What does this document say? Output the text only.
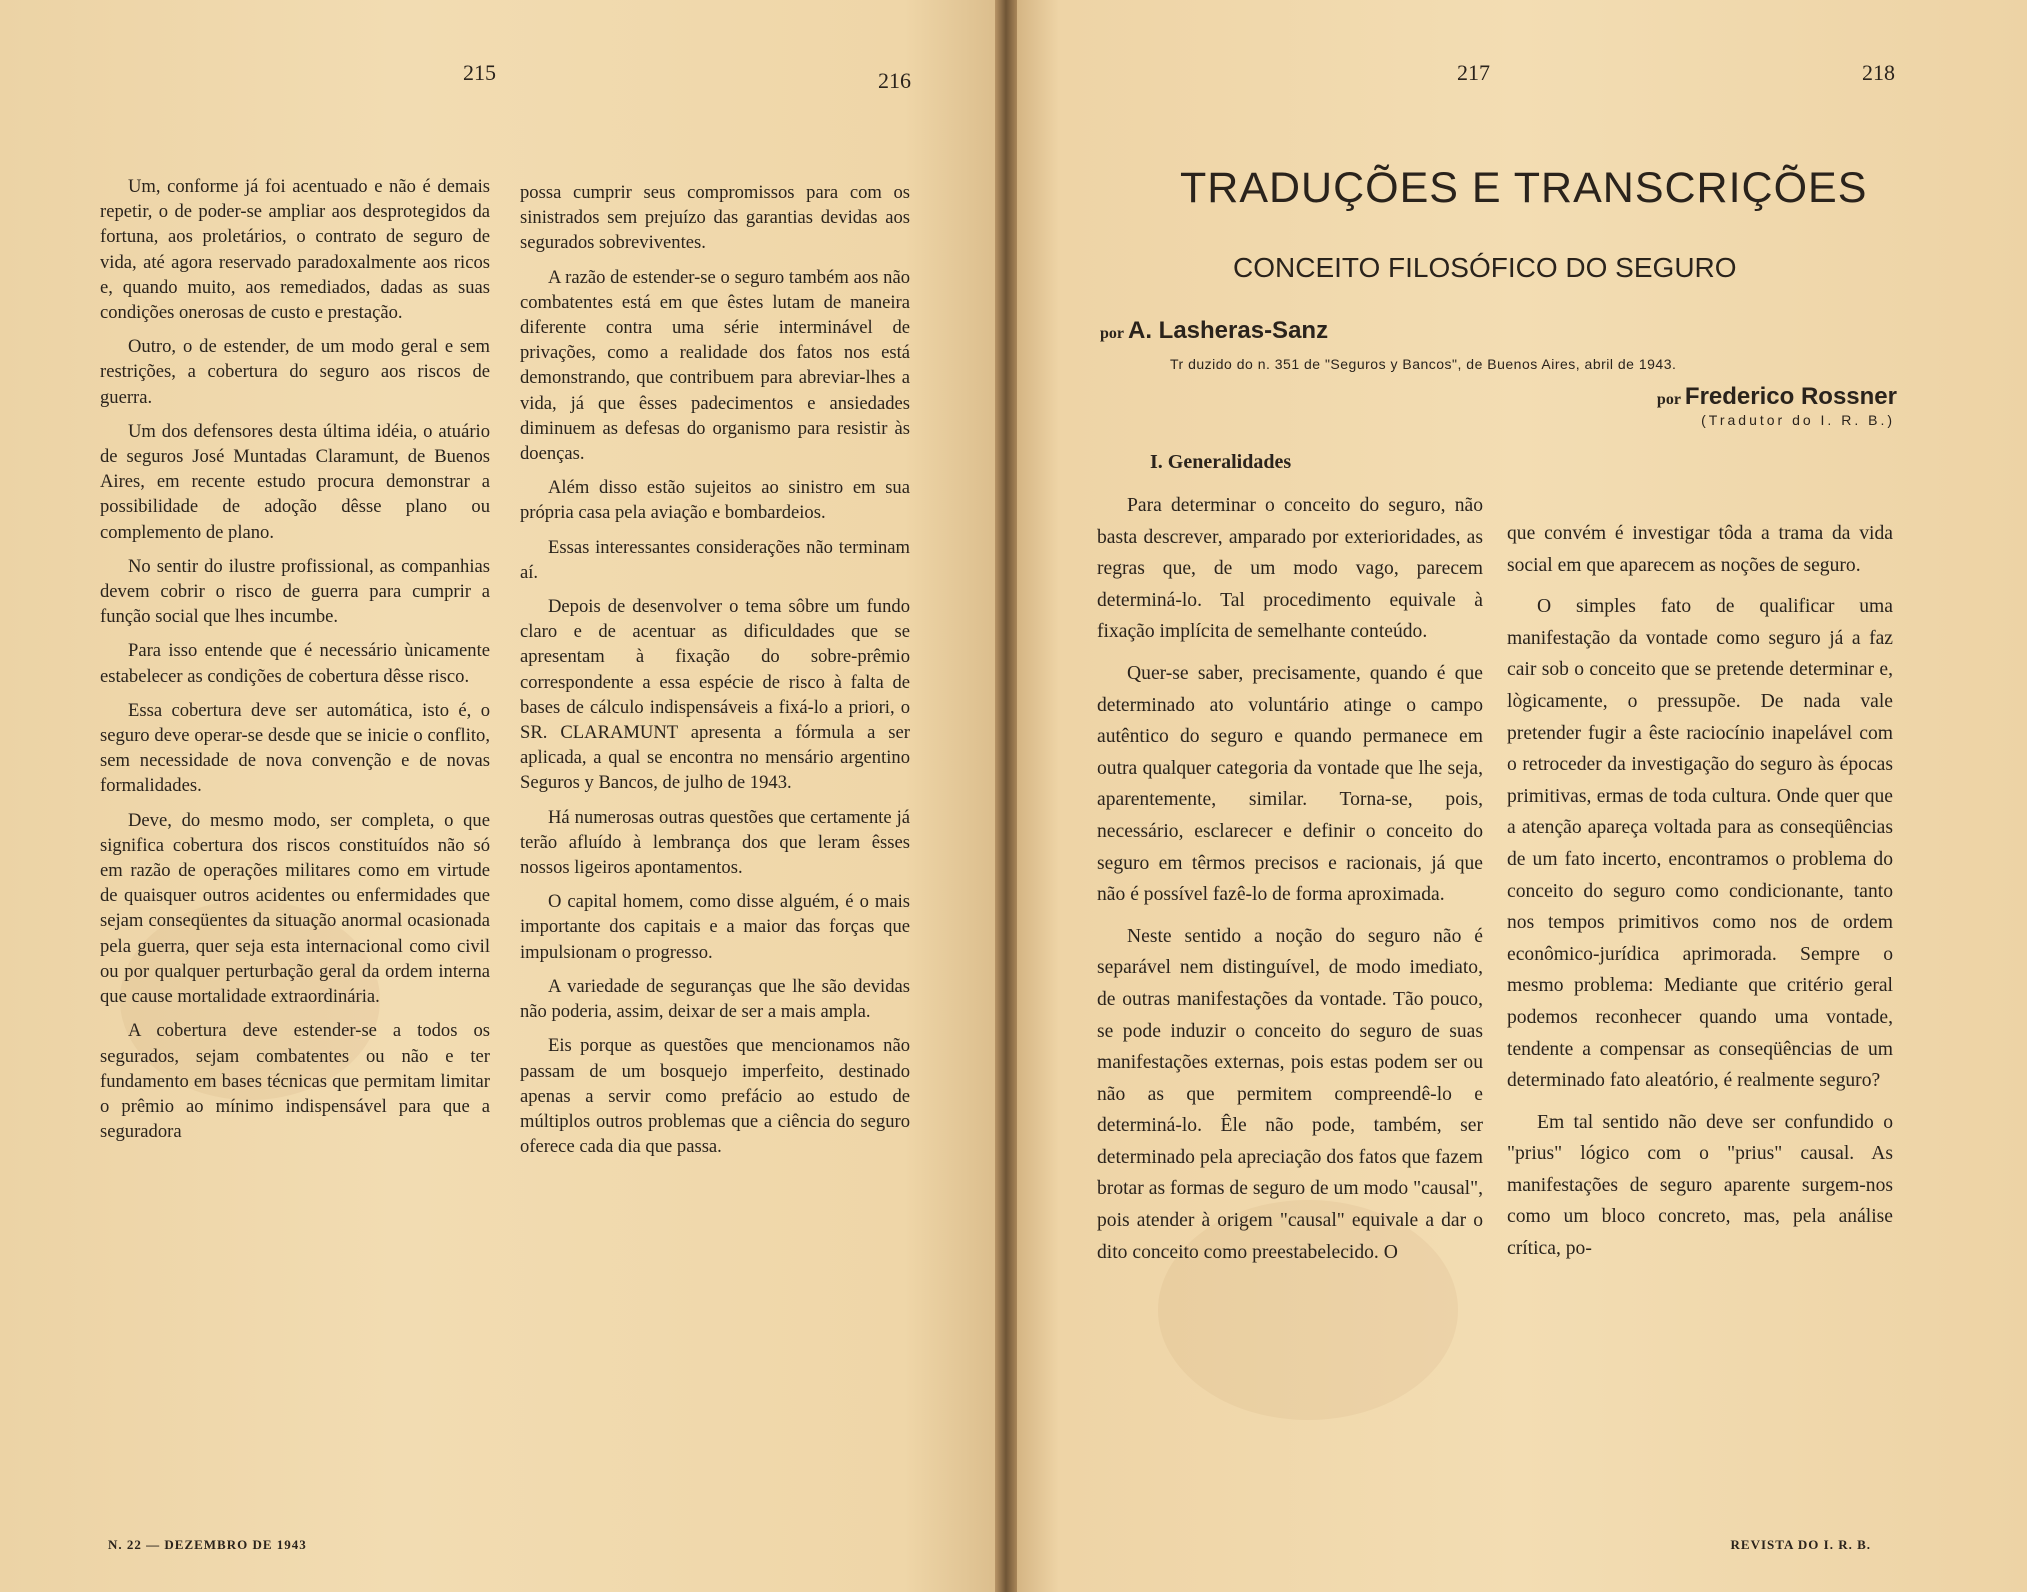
215	216

Um, conforme já foi acentuado e não é demais repetir, o de poder-se ampliar aos desprotegidos da fortuna, aos proletários, o contrato de seguro de vida, até agora reservado paradoxalmente aos ricos e, quando muito, aos remediados, dadas as suas condições onerosas de custo e prestação.

Outro, o de estender, de um modo geral e sem restrições, a cobertura do seguro aos riscos de guerra.

Um dos defensores desta última idéia, o atuário de seguros José Muntadas Claramunt, de Buenos Aires, em recente estudo procura demonstrar a possibilidade de adoção dêsse plano ou complemento de plano.

No sentir do ilustre profissional, as companhias devem cobrir o risco de guerra para cumprir a função social que lhes incumbe.

Para isso entende que é necessário ùnicamente estabelecer as condições de cobertura dêsse risco.

Essa cobertura deve ser automática, isto é, o seguro deve operar-se desde que se inicie o conflito, sem necessidade de nova convenção e de novas formalidades.

Deve, do mesmo modo, ser completa, o que significa cobertura dos riscos constituídos não só em razão de operações militares como em virtude de quaisquer outros acidentes ou enfermidades que sejam conseqüentes da situação anormal ocasionada pela guerra, quer seja esta internacional como civil ou por qualquer perturbação geral da ordem interna que cause mortalidade extraordinária.

A cobertura deve estender-se a todos os segurados, sejam combatentes ou não e ter fundamento em bases técnicas que permitam limitar o prêmio ao mínimo indispensável para que a seguradora

possa cumprir seus compromissos para com os sinistrados sem prejuízo das garantias devidas aos segurados sobreviventes.

A razão de estender-se o seguro também aos não combatentes está em que êstes lutam de maneira diferente contra uma série interminável de privações, como a realidade dos fatos nos está demonstrando, que contribuem para abreviar-lhes a vida, já que êsses padecimentos e ansiedades diminuem as defesas do organismo para resistir às doenças.

Além disso estão sujeitos ao sinistro em sua própria casa pela aviação e bombardeios.

Essas interessantes considerações não terminam aí.

Depois de desenvolver o tema sôbre um fundo claro e de acentuar as dificuldades que se apresentam à fixação do sobre-prêmio correspondente a essa espécie de risco à falta de bases de cálculo indispensáveis a fixá-lo a priori, o SR. CLARAMUNT apresenta a fórmula a ser aplicada, a qual se encontra no mensário argentino Seguros y Bancos, de julho de 1943.

Há numerosas outras questões que certamente já terão afluído à lembrança dos que leram êsses nossos ligeiros apontamentos.

O capital homem, como disse alguém, é o mais importante dos capitais e a maior das forças que impulsionam o progresso.

A variedade de seguranças que lhe são devidas não poderia, assim, deixar de ser a mais ampla.

Eis porque as questões que mencionamos não passam de um bosquejo imperfeito, destinado apenas a servir como prefácio ao estudo de múltiplos outros problemas que a ciência do seguro oferece cada dia que passa.

N. 22 — DEZEMBRO DE 1943
217	218
TRADUÇÕES E TRANSCRIÇÕES
CONCEITO FILOSÓFICO DO SEGURO
por A. Lasheras-Sanz
Tr duzido do n. 351 de "Seguros y Bancos", de Buenos Aires, abril de 1943.
por Frederico Rossner
(Tradutor do I. R. B.)
I. Generalidades

Para determinar o conceito do seguro, não basta descrever, amparado por exterioridades, as regras que, de um modo vago, parecem determiná-lo. Tal procedimento equivale à fixação implícita de semelhante conteúdo.

Quer-se saber, precisamente, quando é que determinado ato voluntário atinge o campo autêntico do seguro e quando permanece em outra qualquer categoria da vontade que lhe seja, aparentemente, similar. Torna-se, pois, necessário, esclarecer e definir o conceito do seguro em têrmos precisos e racionais, já que não é possível fazê-lo de forma aproximada.

Neste sentido a noção do seguro não é separável nem distinguível, de modo imediato, de outras manifestações da vontade. Tão pouco, se pode induzir o conceito do seguro de suas manifestações externas, pois estas podem ser ou não as que permitem compreendê-lo e determiná-lo. Êle não pode, também, ser determinado pela apreciação dos fatos que fazem brotar as formas de seguro de um modo "causal", pois atender à origem "causal" equivale a dar o dito conceito como preestabelecido. O

que convém é investigar tôda a trama da vida social em que aparecem as noções de seguro.

O simples fato de qualificar uma manifestação da vontade como seguro já a faz cair sob o conceito que se pretende determinar e, lògicamente, o pressupõe. De nada vale pretender fugir a êste raciocínio inapelável com o retroceder da investigação do seguro às épocas primitivas, ermas de toda cultura. Onde quer que a atenção apareça voltada para as conseqüências de um fato incerto, encontramos o problema do conceito do seguro como condicionante, tanto nos tempos primitivos como nos de ordem econômico-jurídica aprimorada. Sempre o mesmo problema: Mediante que critério geral podemos reconhecer quando uma vontade, tendente a compensar as conseqüências de um determinado fato aleatório, é realmente seguro?

Em tal sentido não deve ser confundido o "prius" lógico com o "prius" causal. As manifestações de seguro aparente surgem-nos como um bloco concreto, mas, pela análise crítica, po-

REVISTA DO I. R. B.
